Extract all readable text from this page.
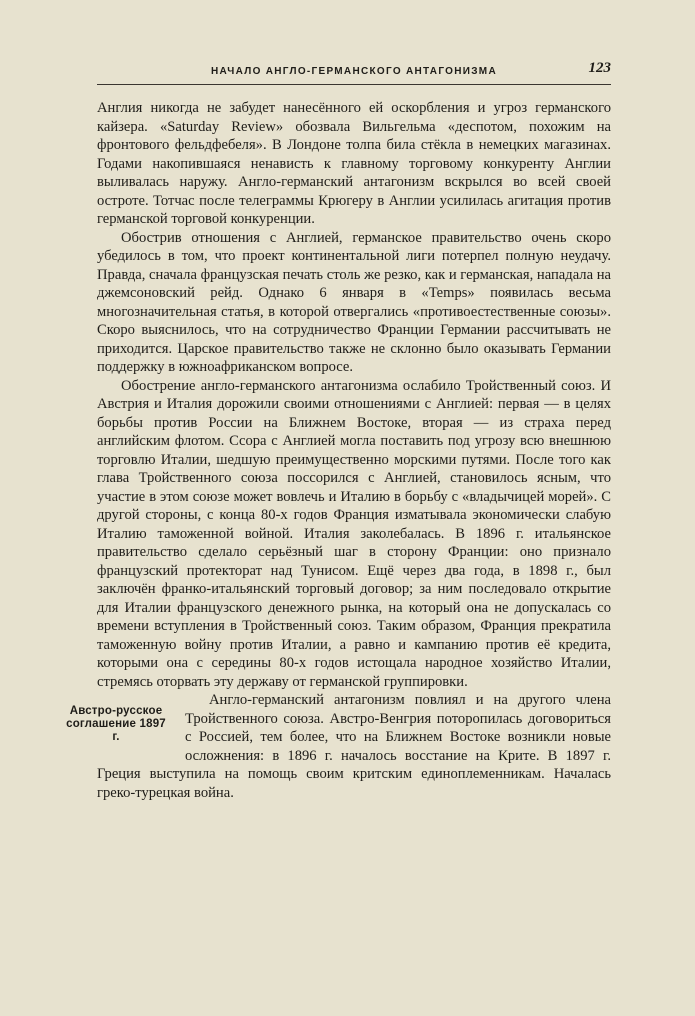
НАЧАЛО АНГЛО-ГЕРМАНСКОГО АНТАГОНИЗМА	123

Англия никогда не забудет нанесённого ей оскорбления и угроз германского кайзера. «Saturday Review» обозвала Вильгельма «деспотом, похожим на фронтового фельдфебеля». В Лондоне толпа била стёкла в немецких магазинах. Годами накопившаяся ненависть к главному торговому конкуренту Англии выливалась наружу. Англо-германский антагонизм вскрылся во всей своей остроте. Тотчас после телеграммы Крюгеру в Англии усилилась агитация против германской торговой конкуренции.

Обострив отношения с Англией, германское правительство очень скоро убедилось в том, что проект континентальной лиги потерпел полную неудачу. Правда, сначала французская печать столь же резко, как и германская, нападала на джемсоновский рейд. Однако 6 января в «Temps» появилась весьма многозначительная статья, в которой отвергались «противоестественные союзы». Скоро выяснилось, что на сотрудничество Франции Германии рассчитывать не приходится. Царское правительство также не склонно было оказывать Германии поддержку в южноафриканском вопросе.

Обострение англо-германского антагонизма ослабило Тройственный союз. И Австрия и Италия дорожили своими отношениями с Англией: первая — в целях борьбы против России на Ближнем Востоке, вторая — из страха перед английским флотом. Ссора с Англией могла поставить под угрозу всю внешнюю торговлю Италии, шедшую преимущественно морскими путями. После того как глава Тройственного союза поссорился с Англией, становилось ясным, что участие в этом союзе может вовлечь и Италию в борьбу с «владычицей морей». С другой стороны, с конца 80-х годов Франция изматывала экономически слабую Италию таможенной войной. Италия заколебалась. В 1896 г. итальянское правительство сделало серьёзный шаг в сторону Франции: оно признало французский протекторат над Тунисом. Ещё через два года, в 1898 г., был заключён франко-итальянский торговый договор; за ним последовало открытие для Италии французского денежного рынка, на который она не допускалась со времени вступления в Тройственный союз. Таким образом, Франция прекратила таможенную войну против Италии, а равно и кампанию против её кредита, которыми она с середины 80-х годов истощала народное хозяйство Италии, стремясь оторвать эту державу от германской группировки.

Австро-русское соглашение 1897 г.

Англо-германский антагонизм повлиял и на другого члена Тройственного союза. Австро-Венгрия поторопилась договориться с Россией, тем более, что на Ближнем Востоке возникли новые осложнения: в 1896 г. началось восстание на Крите. В 1897 г. Греция выступила на помощь своим критским единоплеменникам. Началась греко-турецкая война.
